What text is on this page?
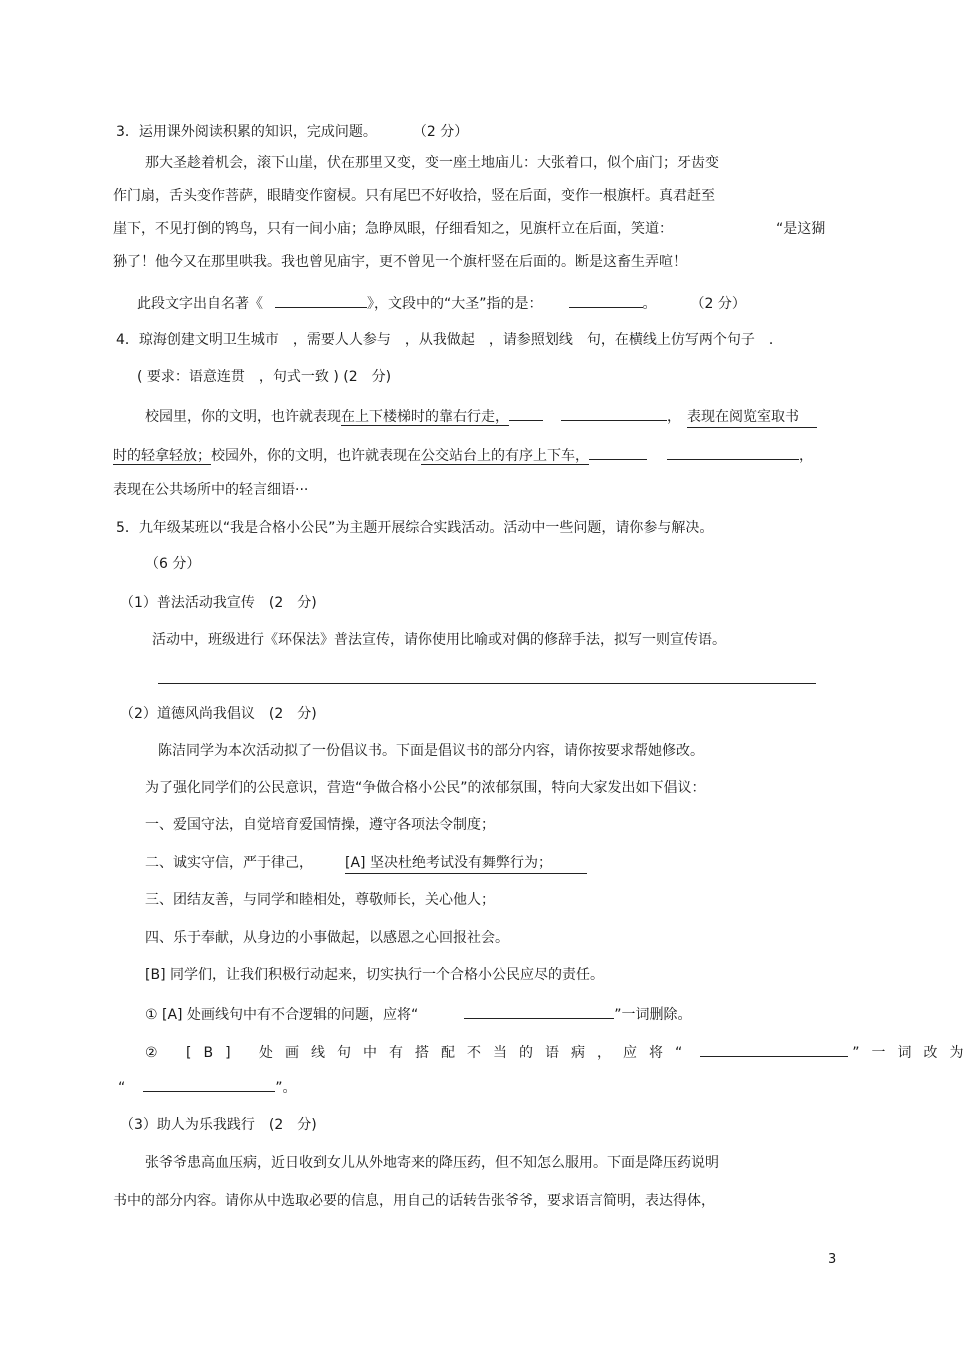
3．运用课外阅读积累的知识，完成问题。	（2 分）
那大圣趁着机会，滚下山崖，伏在那里又变，变一座土地庙儿：大张着口，似个庙门；牙齿变
作门扇，舌头变作菩萨，眼睛变作窗棂。只有尾巴不好收拾，竖在后面，变作一根旗杆。真君赶至
崖下，不见打倒的鸨鸟，只有一间小庙；急睁凤眼，仔细看知之，见旗杆立在后面，笑道：	“是这猢
狲了！他今又在那里哄我。我也曾见庙宇，更不曾见一个旗杆竖在后面的。断是这畜生弄喧！
此段文字出自名著《	》，文段中的“大圣”指的是：	。 （2 分）
4．琼海创建文明卫生城市　，需要人人参与　，从我做起　，请参照划线　句，在横线上仿写两个句子　．
( 要求：语意连贯　，句式一致 ) (2　分)
校园里，你的文明，也许就表现在上下楼梯时的靠右行走，	， 表现在阅览室取书
时的轻拿轻放；校园外，你的文明，也许就表现在公交站台上的有序上下车，	，
表现在公共场所中的轻言细语···
5．九年级某班以“我是合格小公民”为主题开展综合实践活动。活动中一些问题，请你参与解决。
（6 分）
（1）普法活动我宣传　(2　分)
活动中，班级进行《环保法》普法宣传，请你使用比喻或对偶的修辞手法，拟写一则宣传语。
（2）道德风尚我倡议　(2　分)
陈洁同学为本次活动拟了一份倡议书。下面是倡议书的部分内容，请你按要求帮她修改。
为了强化同学们的公民意识，营造“争做合格小公民”的浓郁氛围，特向大家发出如下倡议：
一、爱国守法，自觉培育爱国情操，遵守各项法令制度；
二、诚实守信，严于律己， [A] 坚决杜绝考试没有舞弊行为；
三、团结友善，与同学和睦相处，尊敬师长，关心他人；
四、乐于奉献，从身边的小事做起，以感恩之心回报社会。
[B] 同学们，让我们积极行动起来，切实执行一个合格小公民应尽的责任。
① [A] 处画线句中有不合逻辑的问题，应将“	”一词删除。
② [B] 处画线句中有搭配不当的语病，应将“	”一词改为
“	”。
（3）助人为乐我践行　(2　分)
张爷爷患高血压病，近日收到女儿从外地寄来的降压药，但不知怎么服用。下面是降压药说明
书中的部分内容。请你从中选取必要的信息，用自己的话转告张爷爷，要求语言简明，表达得体，
3
